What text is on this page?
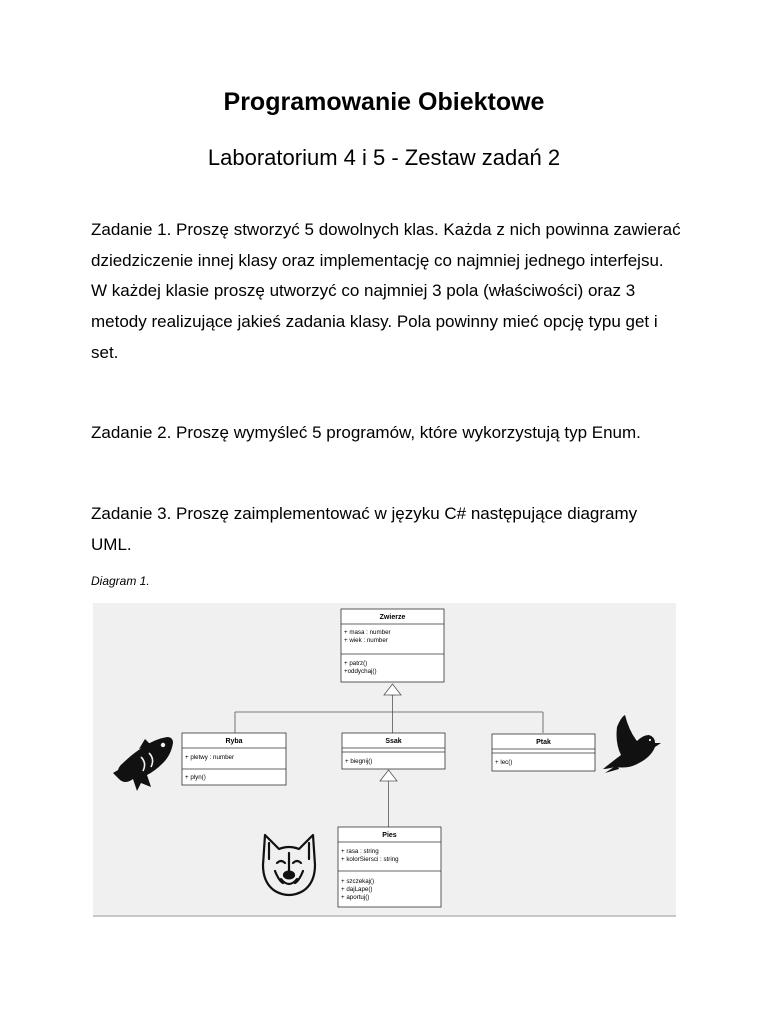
Programowanie Obiektowe
Laboratorium 4 i 5 - Zestaw zadań 2

Zadanie 1. Proszę stworzyć 5 dowolnych klas. Każda z nich powinna zawierać dziedziczenie innej klasy oraz implementację co najmniej jednego interfejsu. W każdej klasie proszę utworzyć co najmniej 3 pola (właściwości) oraz 3 metody realizujące jakieś zadania klasy. Pola powinny mieć opcję typu get i set.

Zadanie 2. Proszę wymyśleć 5 programów, które wykorzystują typ Enum.

Zadanie 3. Proszę zaimplementować w języku C# następujące diagramy UML.

Diagram 1.

Zwierze
+ masa : number
+ wiek : number
+ patrz()
+oddychaj()
Ryba
+ pletwy : number
+ plyn()
Ssak
+ biegnij()
Ptak
+ lec()
Pies
+ rasa : string
+ kolorSiersci : string
+ szczekaj()
+ dajLape()
+ aportuj()
